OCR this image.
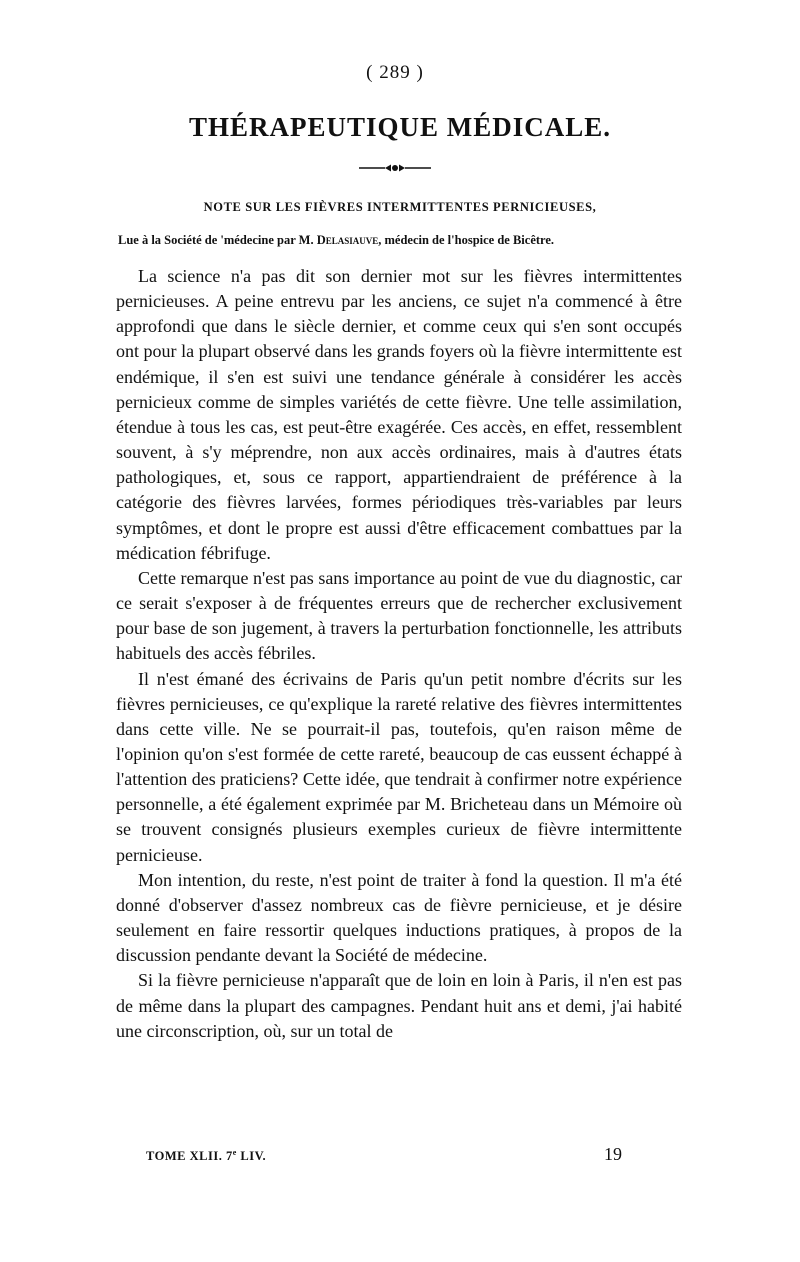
( 289 )
THÉRAPEUTIQUE MÉDICALE.
NOTE SUR LES FIÈVRES INTERMITTENTES PERNICIEUSES,
Lue à la Société de 'médecine par M. Delasiauve, médecin de l'hospice de Bicêtre.

La science n'a pas dit son dernier mot sur les fièvres intermittentes pernicieuses. A peine entrevu par les anciens, ce sujet n'a commencé à être approfondi que dans le siècle dernier, et comme ceux qui s'en sont occupés ont pour la plupart observé dans les grands foyers où la fièvre intermittente est endémique, il s'en est suivi une tendance générale à considérer les accès pernicieux comme de simples variétés de cette fièvre. Une telle assimilation, étendue à tous les cas, est peut-être exagérée. Ces accès, en effet, ressemblent souvent, à s'y méprendre, non aux accès ordinaires, mais à d'autres états pathologiques, et, sous ce rapport, appartiendraient de préférence à la catégorie des fièvres larvées, formes périodiques très-variables par leurs symptômes, et dont le propre est aussi d'être efficacement combattues par la médication fébrifuge.

Cette remarque n'est pas sans importance au point de vue du diagnostic, car ce serait s'exposer à de fréquentes erreurs que de rechercher exclusivement pour base de son jugement, à travers la perturbation fonctionnelle, les attributs habituels des accès fébriles.

Il n'est émané des écrivains de Paris qu'un petit nombre d'écrits sur les fièvres pernicieuses, ce qu'explique la rareté relative des fièvres intermittentes dans cette ville. Ne se pourrait-il pas, toutefois, qu'en raison même de l'opinion qu'on s'est formée de cette rareté, beaucoup de cas eussent échappé à l'attention des praticiens? Cette idée, que tendrait à confirmer notre expérience personnelle, a été également exprimée par M. Bricheteau dans un Mémoire où se trouvent consignés plusieurs exemples curieux de fièvre intermittente pernicieuse.

Mon intention, du reste, n'est point de traiter à fond la question. Il m'a été donné d'observer d'assez nombreux cas de fièvre pernicieuse, et je désire seulement en faire ressortir quelques inductions pratiques, à propos de la discussion pendante devant la Société de médecine.

Si la fièvre pernicieuse n'apparaît que de loin en loin à Paris, il n'en est pas de même dans la plupart des campagnes. Pendant huit ans et demi, j'ai habité une circonscription, où, sur un total de

TOME XLII. 7e LIV.	19
